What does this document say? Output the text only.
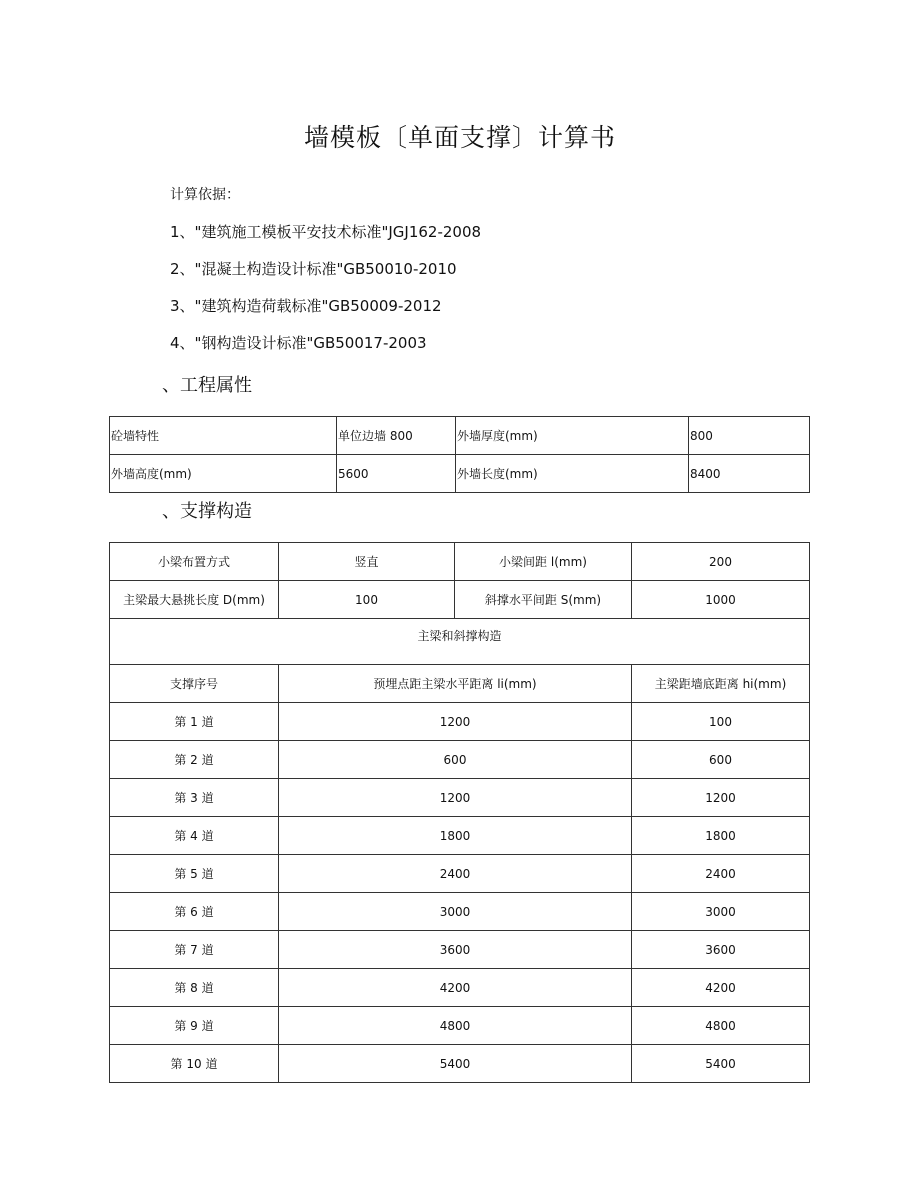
墙模板〔单面支撑〕计算书
计算依据：
1、"建筑施工模板平安技术标准"JGJ162-2008
2、"混凝土构造设计标准"GB50010-2010
3、"建筑构造荷载标准"GB50009-2012
4、"钢构造设计标准"GB50017-2003
、工程属性
砼墙特性	单位边墙 800	外墙厚度(mm)	800
外墙高度(mm)	5600	外墙长度(mm)	8400
、支撑构造
小梁布置方式	竖直	小梁间距 l(mm)	200
主梁最大悬挑长度 D(mm)	100	斜撑水平间距 S(mm)	1000
主梁和斜撑构造			
支撑序号	预埋点距主梁水平距离 li(mm)		主梁距墙底距离 hi(mm)
第 1 道	1200		100
第 2 道	600		600
第 3 道	1200		1200
第 4 道	1800		1800
第 5 道	2400		2400
第 6 道	3000		3000
第 7 道	3600		3600
第 8 道	4200		4200
第 9 道	4800		4800
第 10 道	5400		5400
